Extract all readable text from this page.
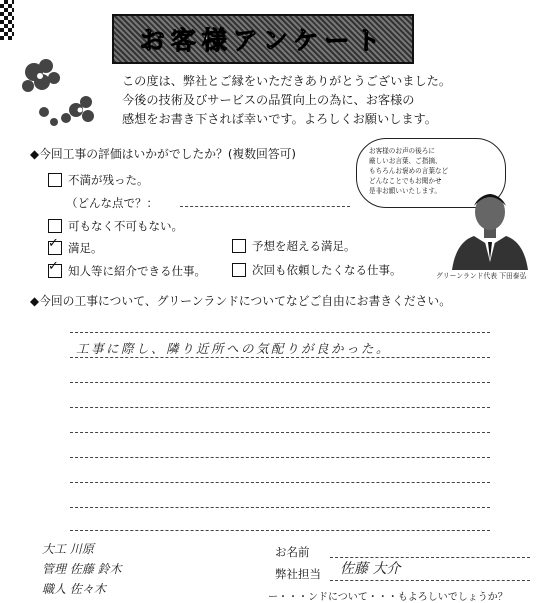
お客様アンケート

この度は、弊社とご縁をいただきありがとうございました。

今後の技術及びサービスの品質向上の為に、お客様の

感想をお書き下されば幸いです。よろしくお願いします。

◆今回工事の評価はいかがでしたか？(複数回答可)

不満が残った。
（どんな点で？：
可もなく不可もない。
✓ 満足。	予想を超える満足。
✓ 知人等に紹介できる仕事。	次回も依頼したくなる仕事。
お客様のお声の後ろに
厳しいお言葉、ご指摘、
もちろんお褒めの言葉など
どんなことでもお聞かせ
是非お願いいたします。
グリーンランド代表 下田泰弘

◆今回の工事について、グリーンランドについてなどご自由にお書きください。

工事に際し、隣り近所への気配りが良かった。
大工 川原
管理 佐藤 鈴木
職人 佐々木
お名前
弊社担当 佐藤 大介
ー・・・ンドについて・・・もよろしいでしょうか？
